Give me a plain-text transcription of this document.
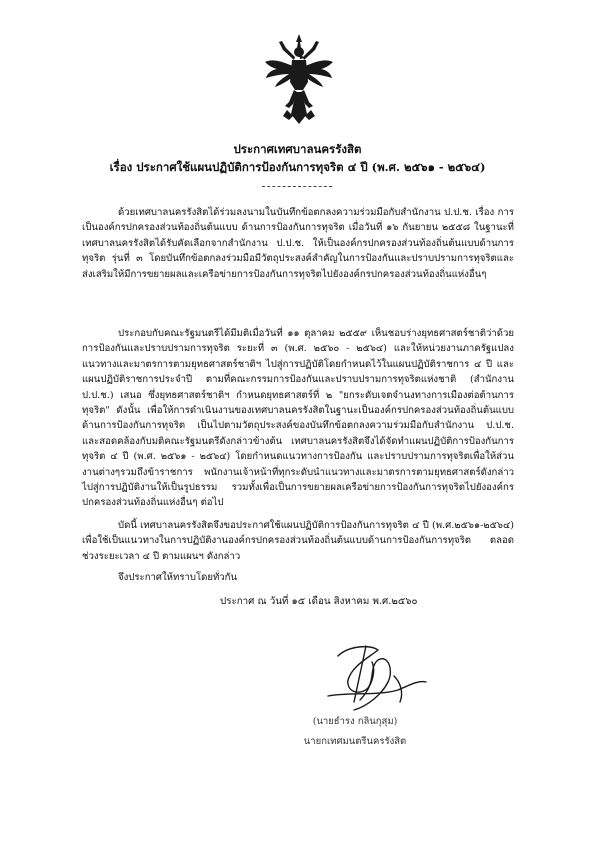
ประกาศเทศบาลนครรังสิต
เรื่อง ประกาศใช้แผนปฏิบัติการป้องกันการทุจริต ๔ ปี (พ.ศ. ๒๕๖๑ - ๒๕๖๔)

ด้วยเทศบาลนครรังสิตได้ร่วมลงนามในบันทึกข้อตกลงความร่วมมือกับสำนักงาน ป.ป.ช. เรื่อง การเป็นองค์กรปกครองส่วนท้องถิ่นต้นแบบ ด้านการป้องกันการทุจริต เมื่อวันที่ ๑๖ กันยายน ๒๕๕๘ ในฐานะที่เทศบาลนครรังสิตได้รับคัดเลือกจากสำนักงาน ป.ป.ช. ให้เป็นองค์กรปกครองส่วนท้องถิ่นต้นแบบด้านการทุจริต รุ่นที่ ๓ โดยบันทึกข้อตกลงร่วมมือมีวัตถุประสงค์สำคัญในการป้องกันและปราบปรามการทุจริตและส่งเสริมให้มีการขยายผลและเครือข่ายการป้องกันการทุจริตไปยังองค์กรปกครองส่วนท้องถิ่นแห่งอื่นๆ

ประกอบกับคณะรัฐมนตรีได้มีมติเมื่อวันที่ ๑๑ ตุลาคม ๒๕๕๙ เห็นชอบร่างยุทธศาสตร์ชาติว่าด้วยการป้องกันและปราบปรามการทุจริต ระยะที่ ๓ (พ.ศ. ๒๕๖๐ - ๒๕๖๔) และให้หน่วยงานภาครัฐแปลงแนวทางและมาตรการตามยุทธศาสตร์ชาติฯ ไปสู่การปฏิบัติโดยกำหนดไว้ในแผนปฏิบัติราชการ ๔ ปี และแผนปฏิบัติราชการประจำปี ตามที่คณะกรรมการป้องกันและปราบปรามการทุจริตแห่งชาติ (สำนักงาน ป.ป.ช.) เสนอ ซึ่งยุทธศาสตร์ชาติฯ กำหนดยุทธศาสตร์ที่ ๒ "ยกระดับเจตจำนงทางการเมืองต่อต้านการทุจริต" ดังนั้น เพื่อให้การดำเนินงานของเทศบาลนครรังสิตในฐานะเป็นองค์กรปกครองส่วนท้องถิ่นต้นแบบ ด้านการป้องกันการทุจริต เป็นไปตามวัตถุประสงค์ของบันทึกข้อตกลงความร่วมมือกับสำนักงาน ป.ป.ช. และสอดคล้องกับมติคณะรัฐมนตรีดังกล่าวข้างต้น เทศบาลนครรังสิตจึงได้จัดทำแผนปฏิบัติการป้องกันการทุจริต ๔ ปี (พ.ศ. ๒๕๖๑ - ๒๕๖๔) โดยกำหนดแนวทางการป้องกัน และปราบปรามการทุจริตเพื่อให้ส่วนงานต่างๆรวมถึงข้าราชการ พนักงานเจ้าหน้าที่ทุกระดับนำแนวทางและมาตรการตามยุทธศาสตร์ดังกล่าวไปสู่การปฏิบัติงานให้เป็นรูปธรรม รวมทั้งเพื่อเป็นการขยายผลเครือข่ายการป้องกันการทุจริตไปยังองค์กรปกครองส่วนท้องถิ่นแห่งอื่นๆ ต่อไป

บัดนี้ เทศบาลนครรังสิตจึงขอประกาศใช้แผนปฏิบัติการป้องกันการทุจริต ๔ ปี (พ.ศ.๒๕๖๑-๒๕๖๔) เพื่อใช้เป็นแนวทางในการปฏิบัติงานองค์กรปกครองส่วนท้องถิ่นต้นแบบด้านการป้องกันการทุจริต ตลอดช่วงระยะเวลา ๔ ปี ตามแผนฯ ดังกล่าว

จึงประกาศให้ทราบโดยทั่วกัน

ประกาศ ณ วันที่ ๑๕ เดือน สิงหาคม พ.ศ.๒๕๖๐
(นายธำรง กลินกุสุม)
นายกเทศมนตรีนครรังสิต
